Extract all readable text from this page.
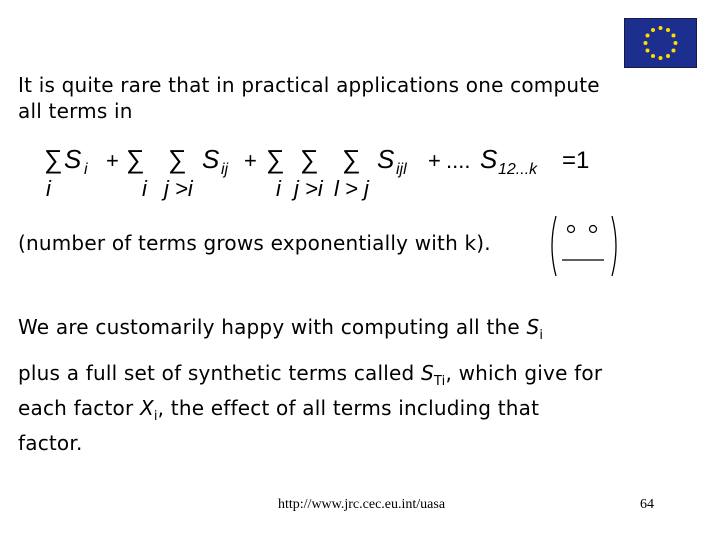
It is quite rare that in practical applications one compute
all terms in
∑
i
S i + ∑
i
∑
j >i
S ij + ∑
i
∑
j >i
∑
l > j
S ijl + .... S 12...k =1
(number of terms grows exponentially with k).
We are customarily happy with computing all the $S_i$
plus a full set of synthetic terms called $S_{Ti}$, which give for
each factor $X_i$, the effect of all terms including that
factor.
http://www.jrc.cec.eu.int/uasa	64
